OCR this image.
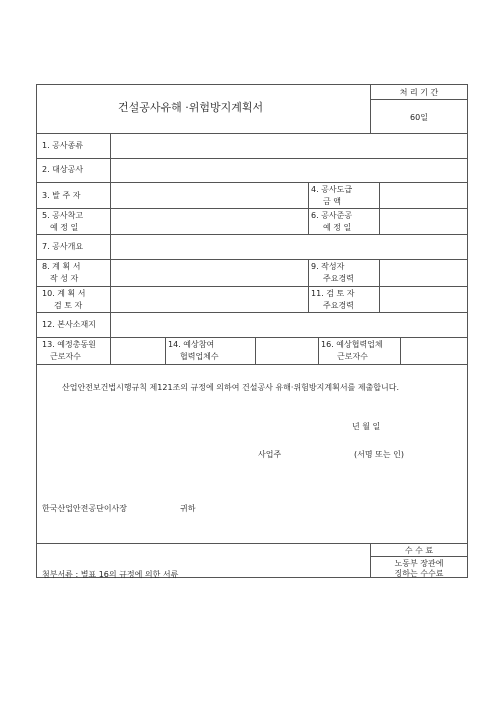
건설공사유해 ·위험방지계획서
처 리 기 간
60일
1. 공사종류
2. 대상공사
3. 발 주 자
4. 공사도급
금 액
5. 공사착고
예 정 일
6. 공사준공
예 정 일
7. 공사개요
8. 계 획 서
작 성 자
9. 작성자
주요경력
10. 계 획 서
검 토 자
11. 검 토 자
주요경력
12. 본사소재지
13. 예정총동원
근로자수
14. 예상참여
협력업체수
16. 예상협력업체
근로자수
산업안전보건법시행규칙 제121조의 규정에 의하여 건설공사 유해·위험방지계획서를 제출합니다.
년 월 일
사업주	(서명 또는 인)
한국산업안전공단이사장	귀하
첨부서류 : 별표 16의 규정에 의한 서류
수 수 료
노동부 장관에
징하는 수수료
